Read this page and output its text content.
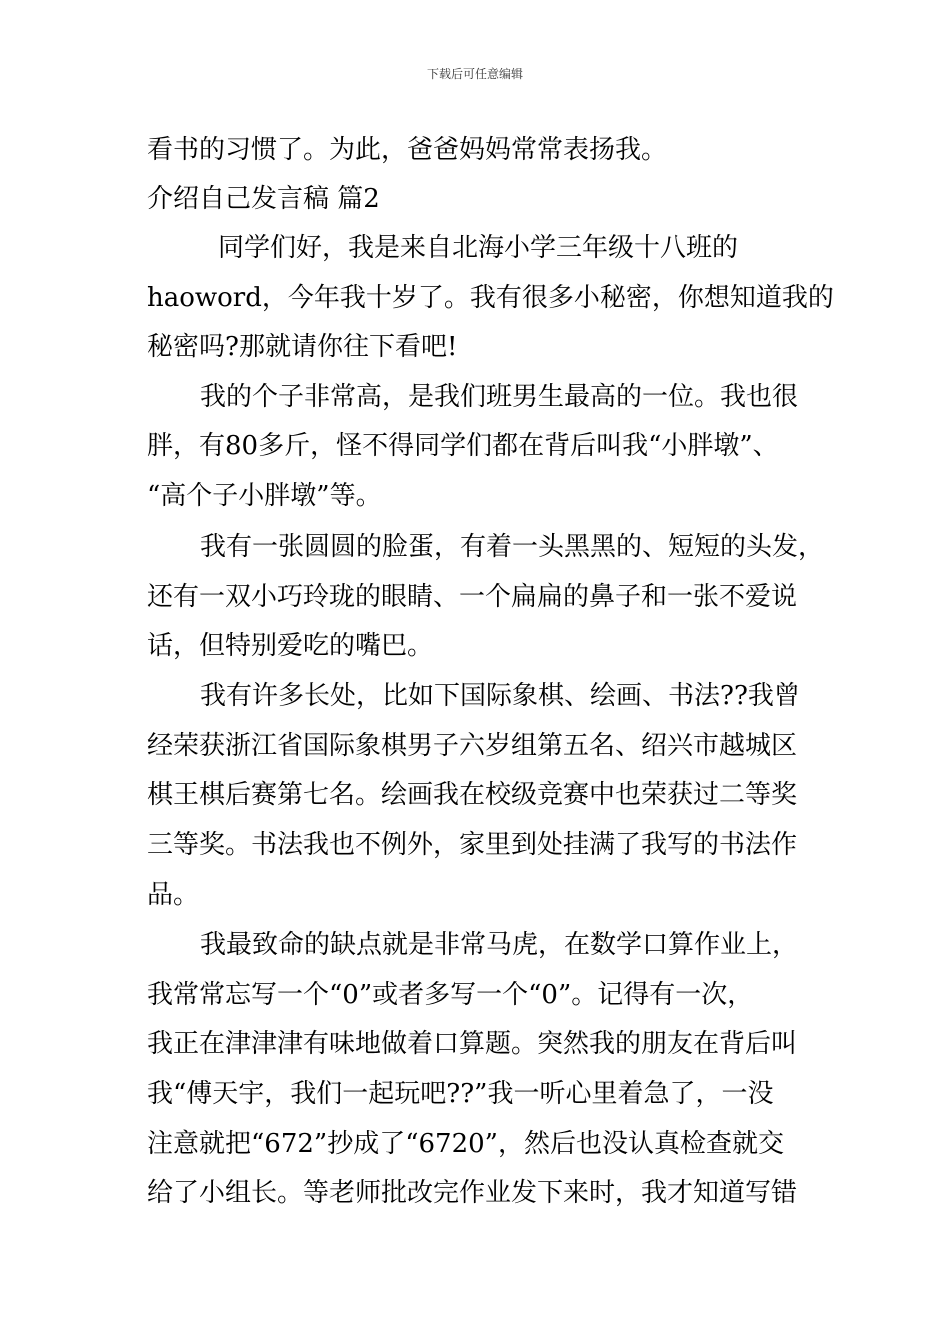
下载后可任意编辑
看书的习惯了。为此，爸爸妈妈常常表扬我。
介绍自己发言稿 篇2
同学们好，我是来自北海小学三年级十八班的
haoword，今年我十岁了。我有很多小秘密，你想知道我的
秘密吗?那就请你往下看吧!
我的个子非常高，是我们班男生最高的一位。我也很
胖，有80多斤，怪不得同学们都在背后叫我“小胖墩”、
“高个子小胖墩”等。
我有一张圆圆的脸蛋，有着一头黑黑的、短短的头发，
还有一双小巧玲珑的眼睛、一个扁扁的鼻子和一张不爱说
话，但特别爱吃的嘴巴。
我有许多长处，比如下国际象棋、绘画、书法??我曾
经荣获浙江省国际象棋男子六岁组第五名、绍兴市越城区
棋王棋后赛第七名。绘画我在校级竞赛中也荣获过二等奖
三等奖。书法我也不例外，家里到处挂满了我写的书法作
品。
我最致命的缺点就是非常马虎，在数学口算作业上，
我常常忘写一个“0”或者多写一个“0”。记得有一次，
我正在津津津有味地做着口算题。突然我的朋友在背后叫
我“傅天宇，我们一起玩吧??”我一听心里着急了，一没
注意就把“672”抄成了“6720”，然后也没认真检查就交
给了小组长。等老师批改完作业发下来时，我才知道写错
